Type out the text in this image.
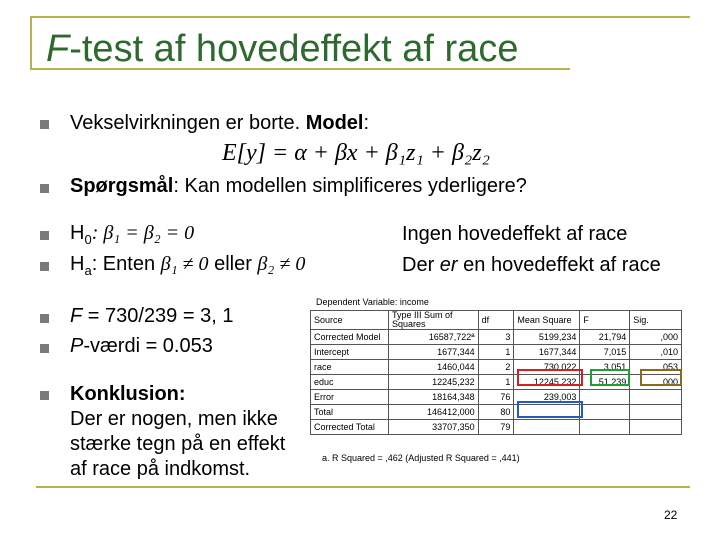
F-test af hovedeffekt af race
Vekselvirkningen er borte. Model:
E[y] = α + βx + β₁z₁ + β₂z₂
Spørgsmål: Kan modellen simplificeres yderligere?
$H_0$: β₁ = β₂ = 0	Ingen hovedeffekt af race
$H_a$: Enten β₁ ≠ 0 eller β₂ ≠ 0	Der er en hovedeffekt af race
F = 730/239 = 3, 1
P-værdi = 0.053
Konklusion:
Der er nogen, men ikke
stærke tegn på en effekt
af race på indkomst.
Dependent Variable: income
Source	Type III Sum of Squares	df	Mean Square	F	Sig.
Corrected Model	16587,722ª	3	5199,234	21,794	,000
Intercept	1677,344	1	1677,344	7,015	,010
race	1460,044	2	730,022	3,051	,053
educ	12245,232	1	12245,232	51,239	,000
Error	18164,348	76	239,003		
Total	146412,000	80			
Corrected Total	33707,350	79			
a. R Squared = ,462 (Adjusted R Squared = ,441)
22
